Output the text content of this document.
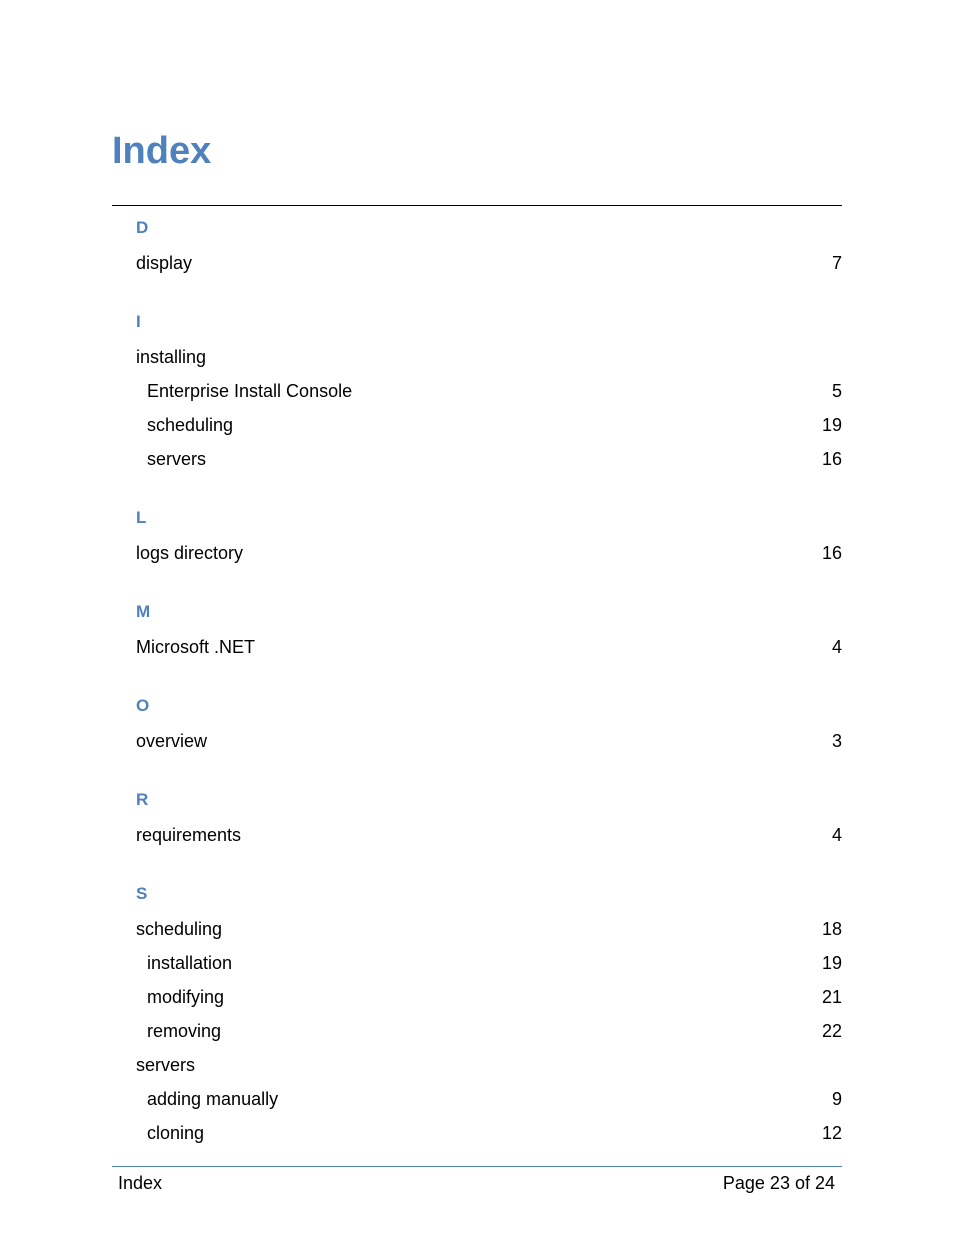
Index
D
display	7
I
installing
Enterprise Install Console	5
scheduling	19
servers	16
L
logs directory	16
M
Microsoft .NET	4
O
overview	3
R
requirements	4
S
scheduling	18
installation	19
modifying	21
removing	22
servers
adding manually	9
cloning	12
Index	Page 23 of 24
